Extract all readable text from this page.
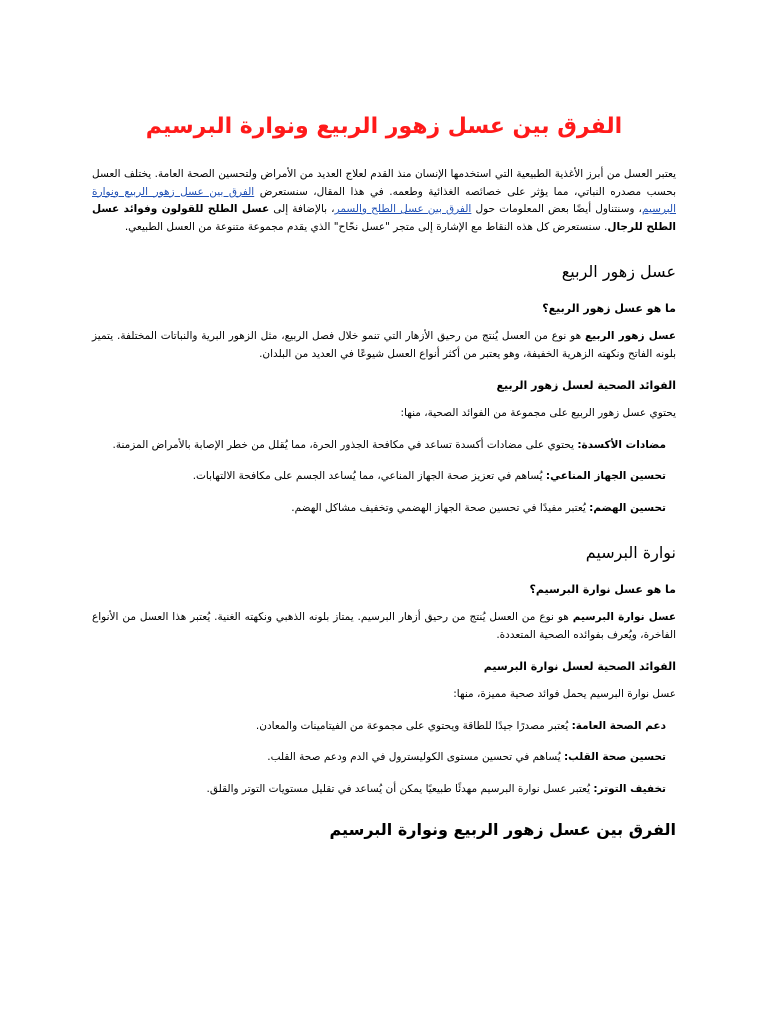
الفرق بين عسل زهور الربيع ونوارة البرسيم

يعتبر العسل من أبرز الأغذية الطبيعية التي استخدمها الإنسان منذ القدم لعلاج العديد من الأمراض ولتحسين الصحة العامة. يختلف العسل بحسب مصدره النباتي، مما يؤثر على خصائصه الغذائية وطعمه. في هذا المقال، سنستعرض الفرق بين عسل زهور الربيع ونوارة البرسيم، وسنتناول أيضًا بعض المعلومات حول الفرق بين عسل الطلح والسمر، بالإضافة إلى عسل الطلح للقولون وفوائد عسل الطلح للرجال. سنستعرض كل هذه النقاط مع الإشارة إلى متجر "عسل نحّاح" الذي يقدم مجموعة متنوعة من العسل الطبيعي.

عسل زهور الربيع
ما هو عسل زهور الربيع؟

عسل زهور الربيع هو نوع من العسل يُنتج من رحيق الأزهار التي تنمو خلال فصل الربيع، مثل الزهور البرية والنباتات المختلفة. يتميز بلونه الفاتح ونكهته الزهرية الخفيفة، وهو يعتبر من أكثر أنواع العسل شيوعًا في العديد من البلدان.

الفوائد الصحية لعسل زهور الربيع

يحتوي عسل زهور الربيع على مجموعة من الفوائد الصحية، منها:

مضادات الأكسدة: يحتوي على مضادات أكسدة تساعد في مكافحة الجذور الحرة، مما يُقلل من خطر الإصابة بالأمراض المزمنة.
تحسين الجهاز المناعي: يُساهم في تعزيز صحة الجهاز المناعي، مما يُساعد الجسم على مكافحة الالتهابات.
تحسين الهضم: يُعتبر مفيدًا في تحسين صحة الجهاز الهضمي وتخفيف مشاكل الهضم.
نوارة البرسيم
ما هو عسل نوارة البرسيم؟

عسل نوارة البرسيم هو نوع من العسل يُنتج من رحيق أزهار البرسيم. يمتاز بلونه الذهبي ونكهته الغنية. يُعتبر هذا العسل من الأنواع الفاخرة، ويُعرف بفوائده الصحية المتعددة.

الفوائد الصحية لعسل نوارة البرسيم

عسل نوارة البرسيم يحمل فوائد صحية مميزة، منها:

دعم الصحة العامة: يُعتبر مصدرًا جيدًا للطاقة ويحتوي على مجموعة من الفيتامينات والمعادن.
تحسين صحة القلب: يُساهم في تحسين مستوى الكوليسترول في الدم ودعم صحة القلب.
تخفيف التوتر: يُعتبر عسل نوارة البرسيم مهدئًا طبيعيًا يمكن أن يُساعد في تقليل مستويات التوتر والقلق.
الفرق بين عسل زهور الربيع ونوارة البرسيم
